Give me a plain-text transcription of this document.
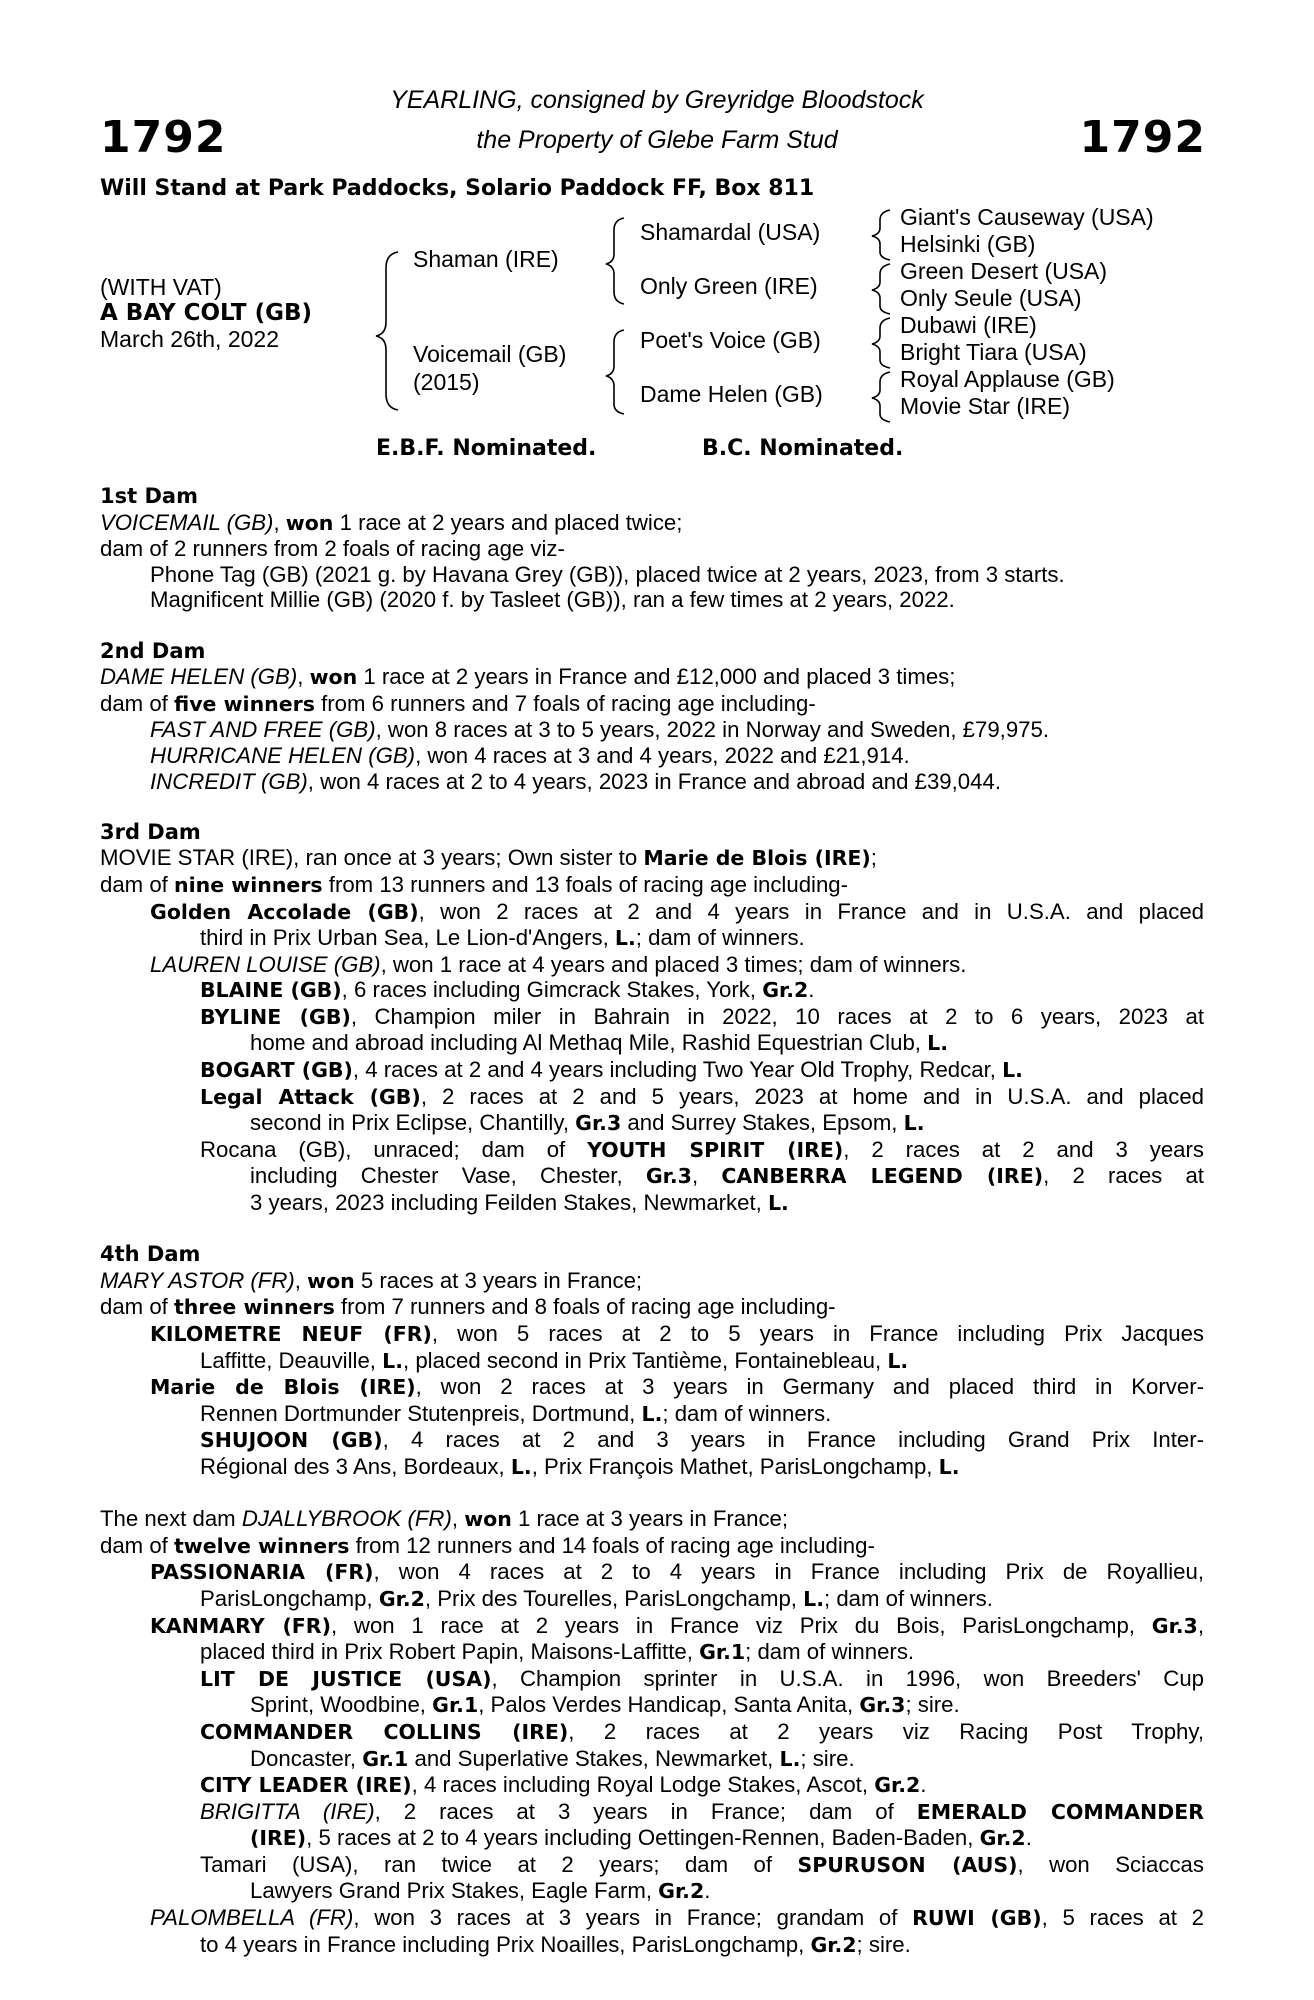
1792	1792
YEARLING, consigned by Greyridge Bloodstock
the Property of Glebe Farm Stud
Will Stand at Park Paddocks, Solario Paddock FF, Box 811
(WITH VAT)
A BAY COLT (GB)
March 26th, 2022
Shaman (IRE)
Voicemail (GB)
(2015)
Shamardal (USA)
Only Green (IRE)
Poet's Voice (GB)
Dame Helen (GB)
Giant's Causeway (USA)
Helsinki (GB)
Green Desert (USA)
Only Seule (USA)
Dubawi (IRE)
Bright Tiara (USA)
Royal Applause (GB)
Movie Star (IRE)
E.B.F. Nominated.	B.C. Nominated.
1st Dam
VOICEMAIL (GB), won 1 race at 2 years and placed twice;
dam of 2 runners from 2 foals of racing age viz-
Phone Tag (GB) (2021 g. by Havana Grey (GB)), placed twice at 2 years, 2023, from 3 starts.
Magnificent Millie (GB) (2020 f. by Tasleet (GB)), ran a few times at 2 years, 2022.
2nd Dam
DAME HELEN (GB), won 1 race at 2 years in France and £12,000 and placed 3 times;
dam of five winners from 6 runners and 7 foals of racing age including-
FAST AND FREE (GB), won 8 races at 3 to 5 years, 2022 in Norway and Sweden, £79,975.
HURRICANE HELEN (GB), won 4 races at 3 and 4 years, 2022 and £21,914.
INCREDIT (GB), won 4 races at 2 to 4 years, 2023 in France and abroad and £39,044.
3rd Dam
MOVIE STAR (IRE), ran once at 3 years; Own sister to Marie de Blois (IRE);
dam of nine winners from 13 runners and 13 foals of racing age including-
Golden Accolade (GB), won 2 races at 2 and 4 years in France and in U.S.A. and placed
third in Prix Urban Sea, Le Lion-d'Angers, L.; dam of winners.
LAUREN LOUISE (GB), won 1 race at 4 years and placed 3 times; dam of winners.
BLAINE (GB), 6 races including Gimcrack Stakes, York, Gr.2.
BYLINE (GB), Champion miler in Bahrain in 2022, 10 races at 2 to 6 years, 2023 at
home and abroad including Al Methaq Mile, Rashid Equestrian Club, L.
BOGART (GB), 4 races at 2 and 4 years including Two Year Old Trophy, Redcar, L.
Legal Attack (GB), 2 races at 2 and 5 years, 2023 at home and in U.S.A. and placed
second in Prix Eclipse, Chantilly, Gr.3 and Surrey Stakes, Epsom, L.
Rocana (GB), unraced; dam of YOUTH SPIRIT (IRE), 2 races at 2 and 3 years
including Chester Vase, Chester, Gr.3, CANBERRA LEGEND (IRE), 2 races at
3 years, 2023 including Feilden Stakes, Newmarket, L.
4th Dam
MARY ASTOR (FR), won 5 races at 3 years in France;
dam of three winners from 7 runners and 8 foals of racing age including-
KILOMETRE NEUF (FR), won 5 races at 2 to 5 years in France including Prix Jacques
Laffitte, Deauville, L., placed second in Prix Tantième, Fontainebleau, L.
Marie de Blois (IRE), won 2 races at 3 years in Germany and placed third in Korver-
Rennen Dortmunder Stutenpreis, Dortmund, L.; dam of winners.
SHUJOON (GB), 4 races at 2 and 3 years in France including Grand Prix Inter-
Régional des 3 Ans, Bordeaux, L., Prix François Mathet, ParisLongchamp, L.
The next dam DJALLYBROOK (FR), won 1 race at 3 years in France;
dam of twelve winners from 12 runners and 14 foals of racing age including-
PASSIONARIA (FR), won 4 races at 2 to 4 years in France including Prix de Royallieu,
ParisLongchamp, Gr.2, Prix des Tourelles, ParisLongchamp, L.; dam of winners.
KANMARY (FR), won 1 race at 2 years in France viz Prix du Bois, ParisLongchamp, Gr.3,
placed third in Prix Robert Papin, Maisons-Laffitte, Gr.1; dam of winners.
LIT DE JUSTICE (USA), Champion sprinter in U.S.A. in 1996, won Breeders' Cup
Sprint, Woodbine, Gr.1, Palos Verdes Handicap, Santa Anita, Gr.3; sire.
COMMANDER COLLINS (IRE), 2 races at 2 years viz Racing Post Trophy,
Doncaster, Gr.1 and Superlative Stakes, Newmarket, L.; sire.
CITY LEADER (IRE), 4 races including Royal Lodge Stakes, Ascot, Gr.2.
BRIGITTA (IRE), 2 races at 3 years in France; dam of EMERALD COMMANDER
(IRE), 5 races at 2 to 4 years including Oettingen-Rennen, Baden-Baden, Gr.2.
Tamari (USA), ran twice at 2 years; dam of SPURUSON (AUS), won Sciaccas
Lawyers Grand Prix Stakes, Eagle Farm, Gr.2.
PALOMBELLA (FR), won 3 races at 3 years in France; grandam of RUWI (GB), 5 races at 2
to 4 years in France including Prix Noailles, ParisLongchamp, Gr.2; sire.
